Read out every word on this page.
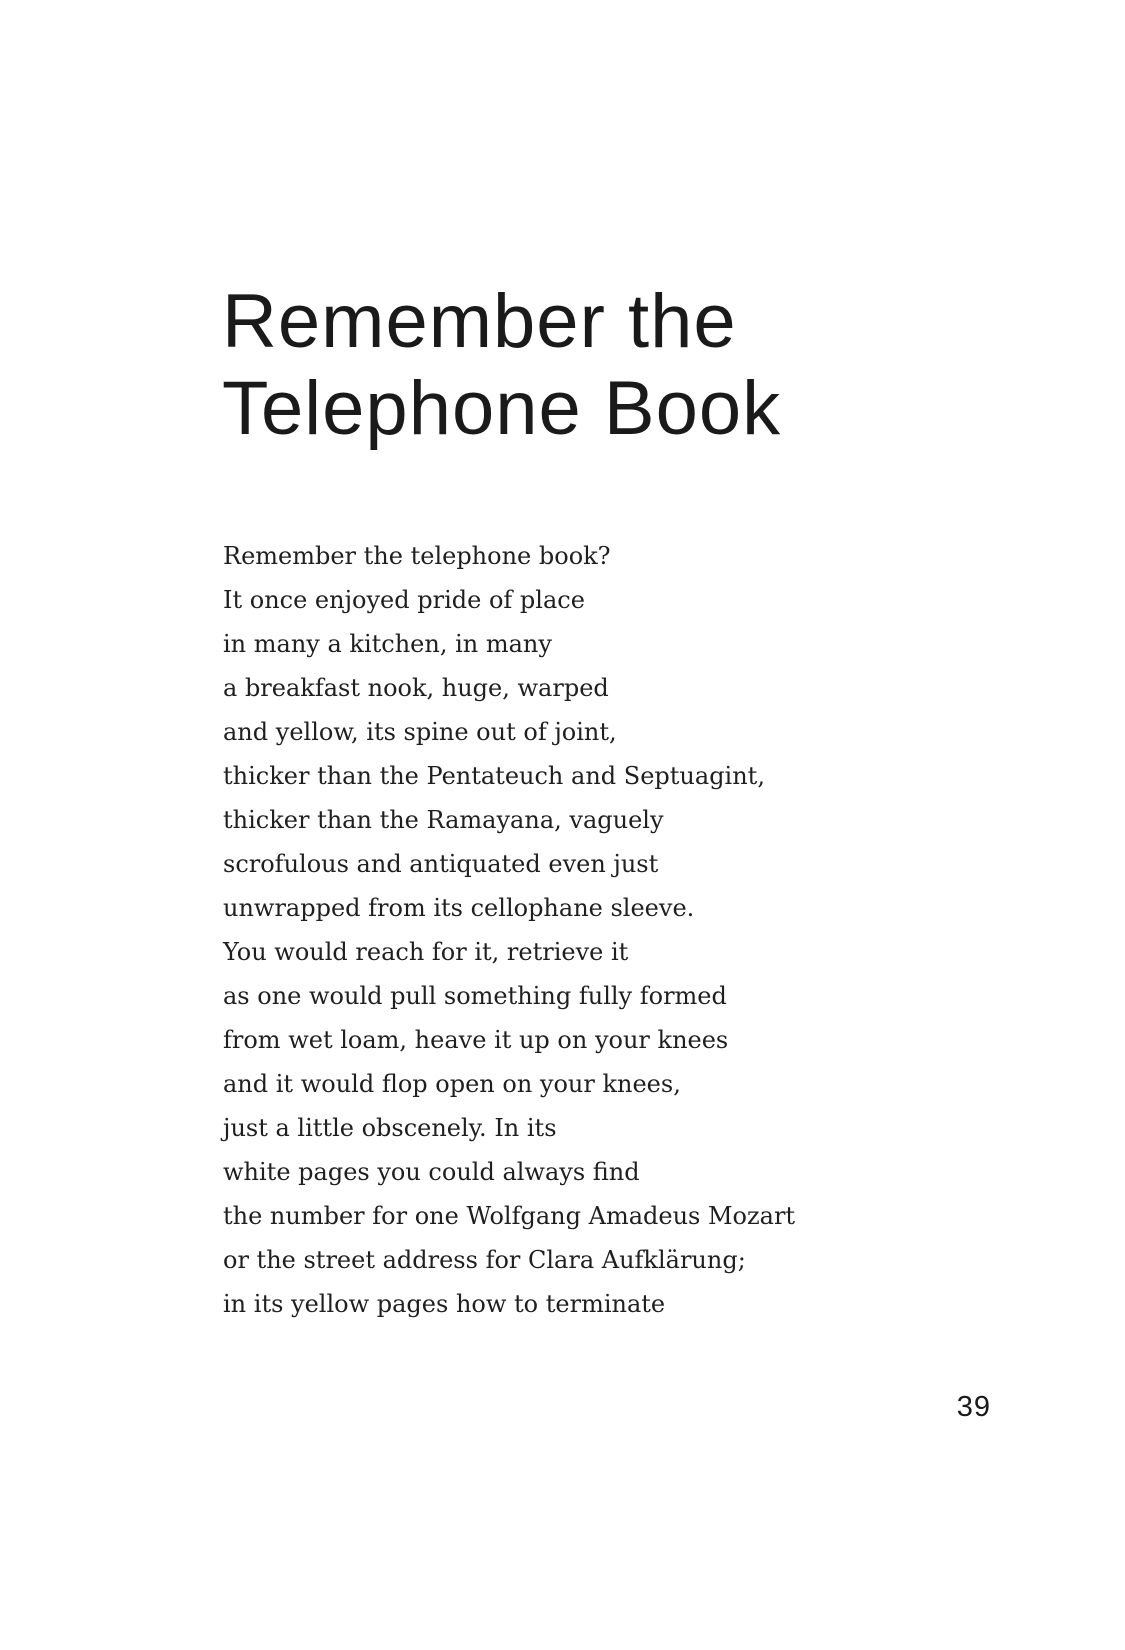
Remember the
Telephone Book
Remember the telephone book?
It once enjoyed pride of place
in many a kitchen, in many
a breakfast nook, huge, warped
and yellow, its spine out of joint,
thicker than the Pentateuch and Septuagint,
thicker than the Ramayana, vaguely
scrofulous and antiquated even just
unwrapped from its cellophane sleeve.
You would reach for it, retrieve it
as one would pull something fully formed
from wet loam, heave it up on your knees
and it would flop open on your knees,
just a little obscenely. In its
white pages you could always find
the number for one Wolfgang Amadeus Mozart
or the street address for Clara Aufklärung;
in its yellow pages how to terminate
39
